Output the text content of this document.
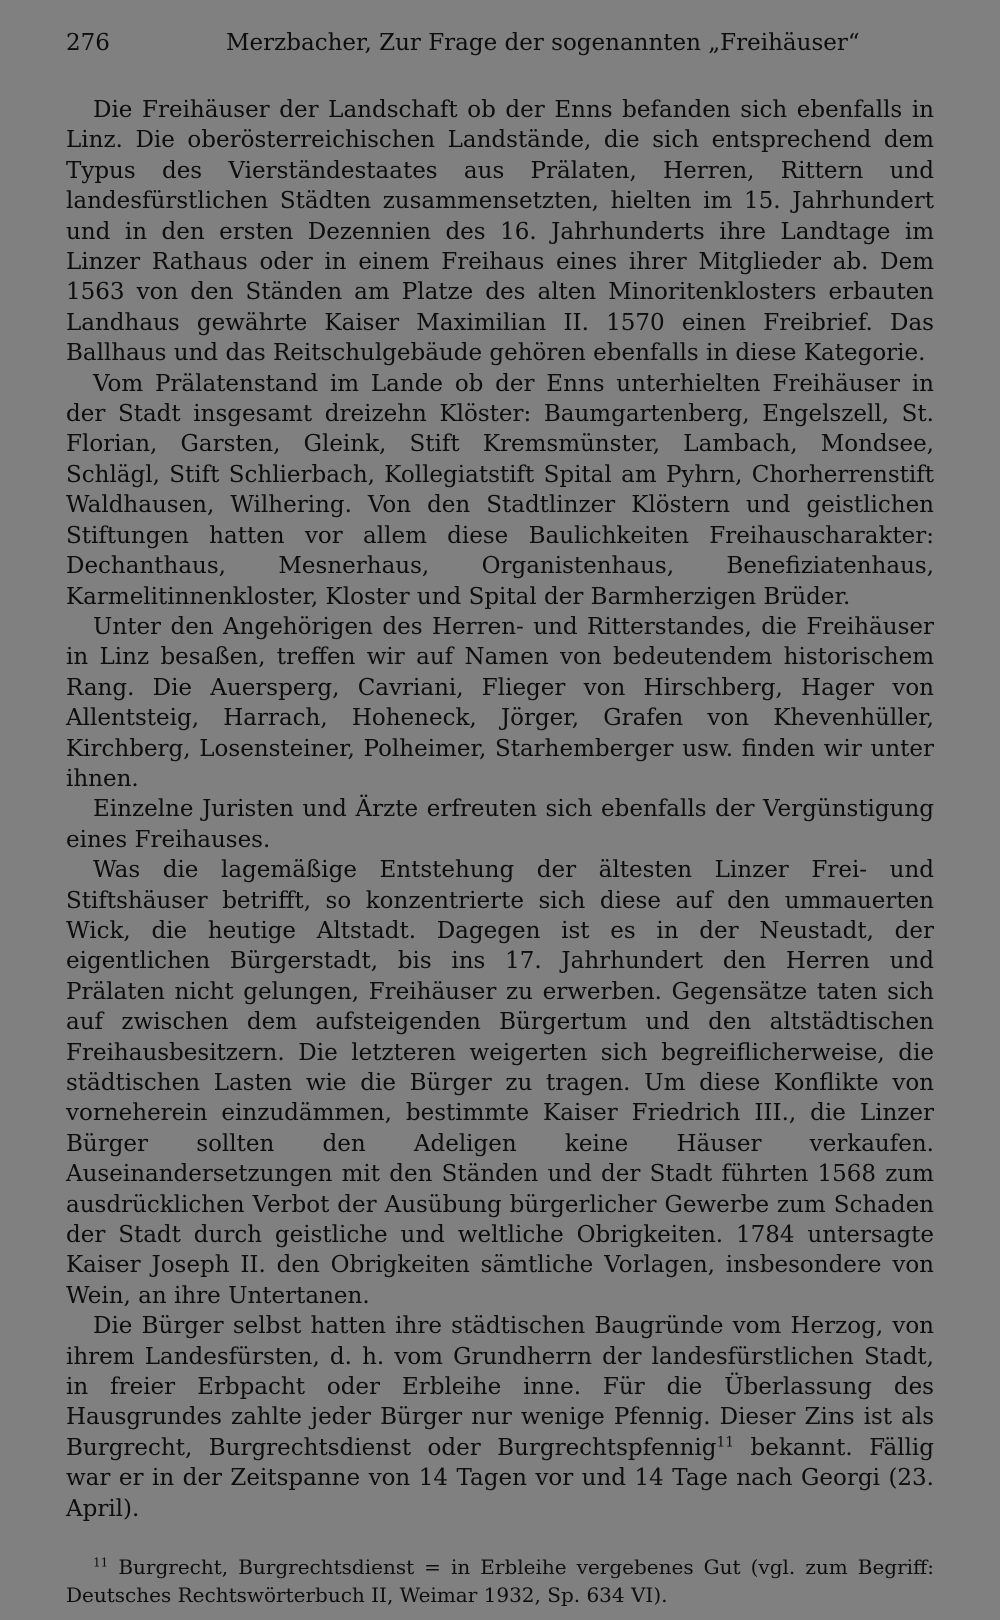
276	Merzbacher, Zur Frage der sogenannten „Freihäuser“

Die Freihäuser der Landschaft ob der Enns befanden sich ebenfalls in Linz. Die oberösterreichischen Landstände, die sich entsprechend dem Typus des Vierständestaates aus Prälaten, Herren, Rittern und landesfürstlichen Städten zusammensetzten, hielten im 15. Jahrhundert und in den ersten Dezennien des 16. Jahrhunderts ihre Landtage im Linzer Rathaus oder in einem Freihaus eines ihrer Mitglieder ab. Dem 1563 von den Ständen am Platze des alten Minoritenklosters erbauten Landhaus gewährte Kaiser Maximilian II. 1570 einen Freibrief. Das Ballhaus und das Reitschulgebäude gehören ebenfalls in diese Kategorie.

Vom Prälatenstand im Lande ob der Enns unterhielten Freihäuser in der Stadt insgesamt dreizehn Klöster: Baumgartenberg, Engelszell, St. Florian, Garsten, Gleink, Stift Kremsmünster, Lambach, Mondsee, Schlägl, Stift Schlierbach, Kollegiatstift Spital am Pyhrn, Chorherrenstift Waldhausen, Wilhering. Von den Stadtlinzer Klöstern und geistlichen Stiftungen hatten vor allem diese Baulichkeiten Freihauscharakter: Dechanthaus, Mesnerhaus, Organistenhaus, Benefiziatenhaus, Karmelitinnenkloster, Kloster und Spital der Barmherzigen Brüder.

Unter den Angehörigen des Herren- und Ritterstandes, die Freihäuser in Linz besaßen, treffen wir auf Namen von bedeutendem historischem Rang. Die Auersperg, Cavriani, Flieger von Hirschberg, Hager von Allentsteig, Harrach, Hoheneck, Jörger, Grafen von Khevenhüller, Kirchberg, Losensteiner, Polheimer, Starhemberger usw. finden wir unter ihnen.

Einzelne Juristen und Ärzte erfreuten sich ebenfalls der Vergünstigung eines Freihauses.

Was die lagemäßige Entstehung der ältesten Linzer Frei- und Stiftshäuser betrifft, so konzentrierte sich diese auf den ummauerten Wick, die heutige Altstadt. Dagegen ist es in der Neustadt, der eigentlichen Bürgerstadt, bis ins 17. Jahrhundert den Herren und Prälaten nicht gelungen, Freihäuser zu erwerben. Gegensätze taten sich auf zwischen dem aufsteigenden Bürgertum und den altstädtischen Freihausbesitzern. Die letzteren weigerten sich begreiflicherweise, die städtischen Lasten wie die Bürger zu tragen. Um diese Konflikte von vorneherein einzudämmen, bestimmte Kaiser Friedrich III., die Linzer Bürger sollten den Adeligen keine Häuser verkaufen. Auseinandersetzungen mit den Ständen und der Stadt führten 1568 zum ausdrücklichen Verbot der Ausübung bürgerlicher Gewerbe zum Schaden der Stadt durch geistliche und weltliche Obrigkeiten. 1784 untersagte Kaiser Joseph II. den Obrigkeiten sämtliche Vorlagen, insbesondere von Wein, an ihre Untertanen.

Die Bürger selbst hatten ihre städtischen Baugründe vom Herzog, von ihrem Landesfürsten, d. h. vom Grundherrn der landesfürstlichen Stadt, in freier Erbpacht oder Erbleihe inne. Für die Überlassung des Hausgrundes zahlte jeder Bürger nur wenige Pfennig. Dieser Zins ist als Burgrecht, Burgrechtsdienst oder Burgrechtspfennig$^{11}$ bekannt. Fällig war er in der Zeitspanne von 14 Tagen vor und 14 Tage nach Georgi (23. April).

$^{11}$ Burgrecht, Burgrechtsdienst = in Erbleihe vergebenes Gut (vgl. zum Begriff: Deutsches Rechtswörterbuch II, Weimar 1932, Sp. 634 VI).
